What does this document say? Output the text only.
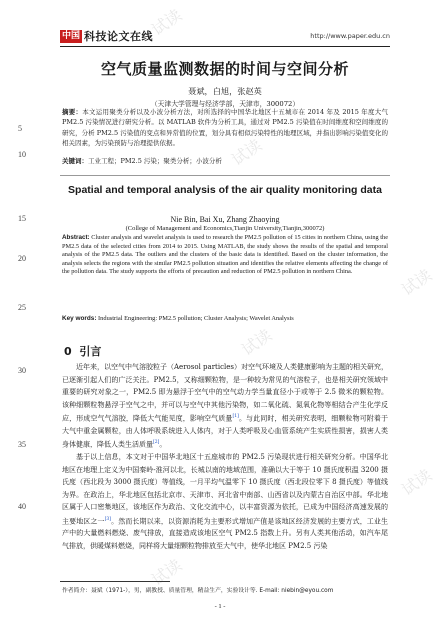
中国 科技论文在线	http://www.paper.edu.cn
试读
试读
试读
试读
试读
试读
5
10
15
20
25
30
35
40
空气质量监测数据的时间与空间分析
聂斌，白旭，张赵英
（天津大学管理与经济学部，天津市，300072）
摘要：本文运用聚类分析以及小波分析方法，对所选择的中国华北地区十五城市在 2014 年及 2015 年度大气 PM2.5 污染情况进行研究分析。以 MATLAB 软件为分析工具，通过对 PM2.5 污染值在时间维度和空间维度的研究，分析 PM2.5 污染值的变点和异常值的位置，划分具有相似污染特性的地理区域，并指出影响污染值变化的相关因素，为污染预防与治理提供依据。
关键词：工业工程；PM2.5 污染；聚类分析；小波分析
Spatial and temporal analysis of the air quality monitoring data
Nie Bin, Bai Xu, Zhang Zhaoying
(College of Management and Economics,Tianjin University,Tianjin,300072)
Abstract: Cluster analysis and wavelet analysis is used to research the PM2.5 pollution of 15 cities in northern China, using the PM2.5 data of the selected cities from 2014 to 2015. Using MATLAB, the study shows the results of the spatial and temporal analysis of the PM2.5 data. The outliers and the clusters of the basic data is identified. Based on the cluster information, the analysis selects the regions with the similar PM2.5 pollution situation and identifies the relative elements affecting the change of the pollution data. The study supports the efforts of precaution and reduction of PM2.5 pollution in northern China.
Key words: Industrial Engineering: PM2.5 pollution; Cluster Analysis; Wavelet Analysis
0 引言
近年来，以空气中气溶胶粒子（Aerosol particles）对空气环境及人类健康影响为主题的相关研究，已逐渐引起人们的广泛关注。PM2.5，又称细颗粒物，是一种较为常见的气溶粒子，也是相关研究领域中重要的研究对象之一，PM2.5 即为悬浮于空气中的空气动力学当量直径小于或等于 2.5 微米的颗粒物。该种细颗粒物悬浮于空气之中，并可以与空气中其他污染物，如二氧化硫、氮氧化物等相结合产生化学反应，形成空气气溶胶，降低大气能见度，影响空气质量[1]。与此同时，相关研究表明，细颗粒物可附着于大气中重金属颗粒，由人体呼吸系统进入人体内，对于人类呼吸及心血管系统产生实质性损害，损害人类身体健康，降低人类生活质量[2]。
基于以上信息，本文对于中国华北地区十五座城市的 PM2.5 污染现状进行相关研究分析。中国华北地区在地理上定义为中国秦岭-淮河以北，长城以南的地域范围，准确以大于等于 10 摄氏度积温 3200 摄氏度（西北段为 3000 摄氏度）等值线，一月平均气温零下 10 摄氏度（西北段位零下 8 摄氏度）等值线为界。在政治上，华北地区包括北京市、天津市、河北省中南部、山西省以及内蒙古自治区中部。华北地区属于人口密集地区，该地区作为政治、文化交流中心，以丰富资源为依托，已成为中国经济高速发展的主要地区之一[3]。然而长期以来，以资源消耗为主要形式增加产值是该地区经济发展的主要方式，工业生产中的大量燃料燃烧、废气排放，直接造成该地区空气 PM2.5 指数上升。另有人类其他活动，如汽车尾气排放，供暖煤料燃烧，同样将大量细颗粒物排放至大气中，使华北地区 PM2.5 污染
作者简介：聂斌（1971-），男，副教授、质量管理，精益生产，实验设计等. E-mail: niebin@eyou.com
- 1 -
